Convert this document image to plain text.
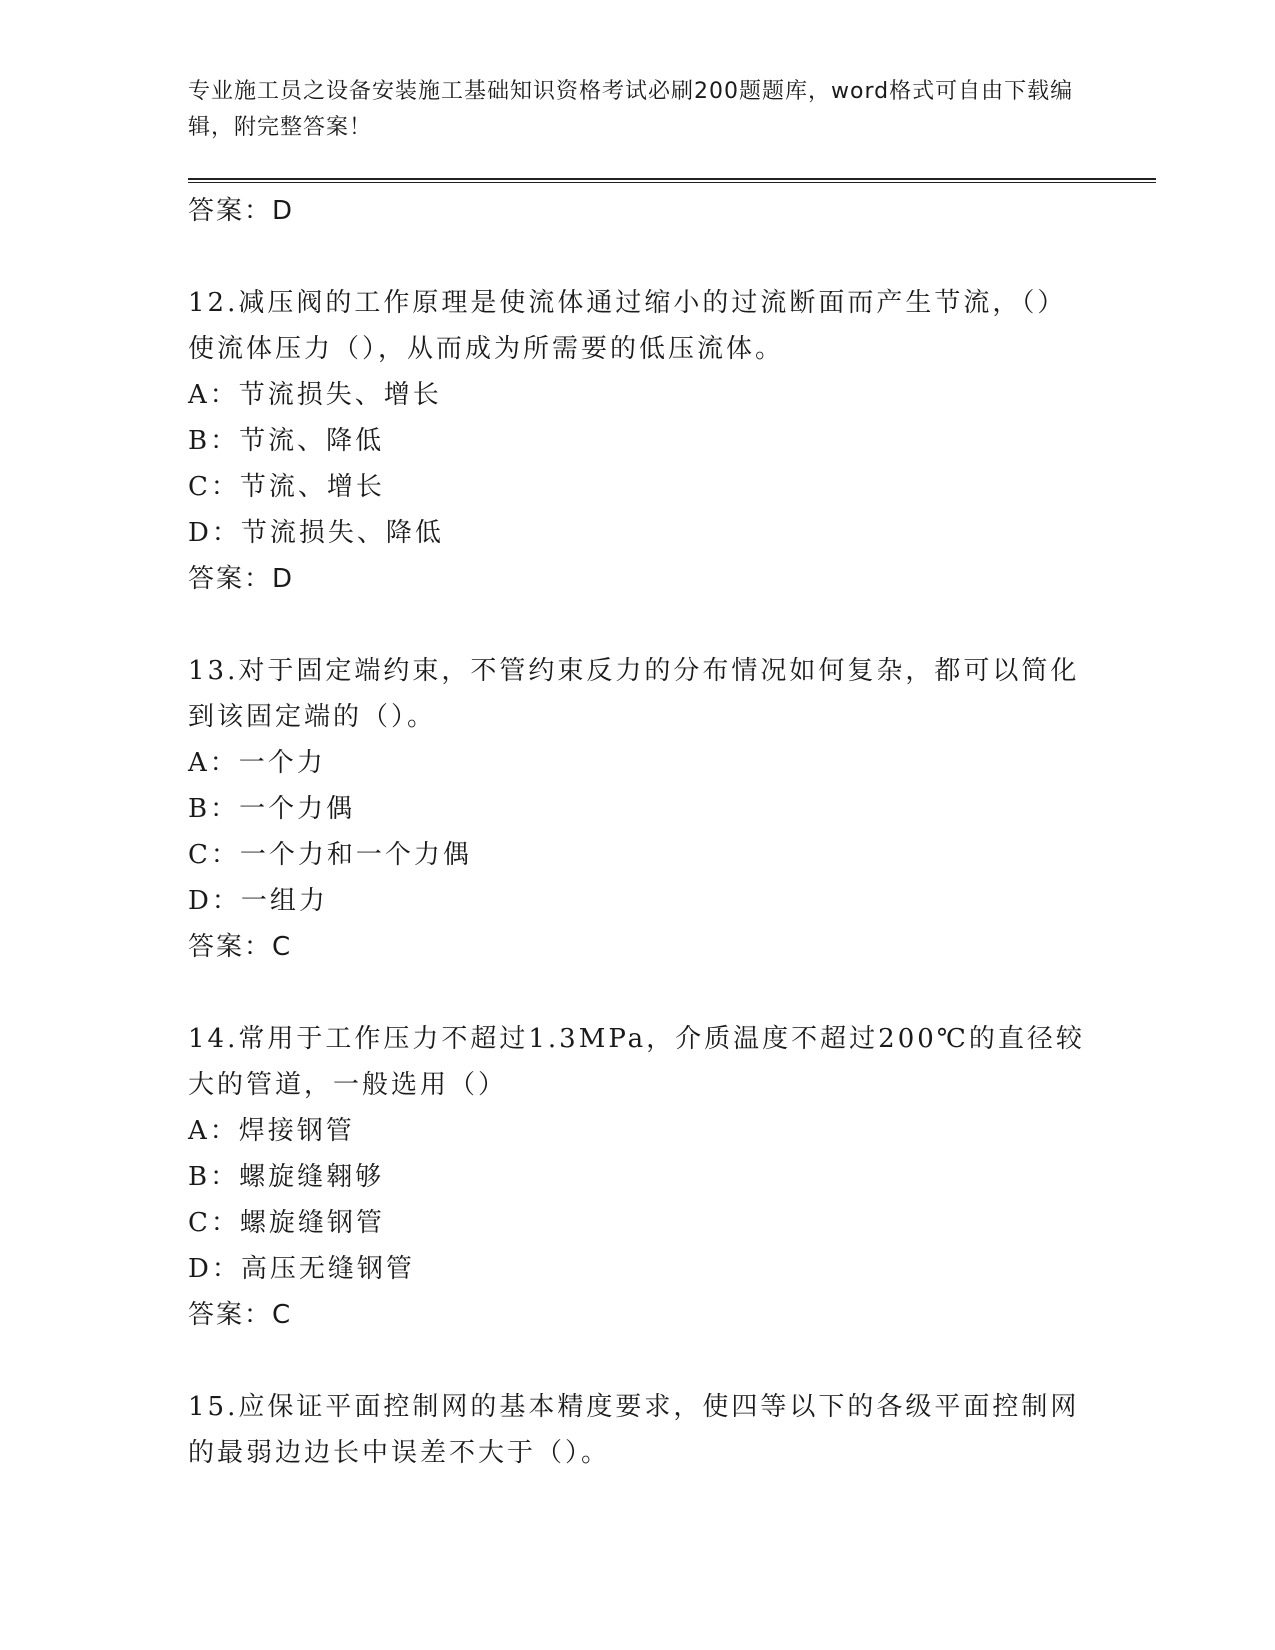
专业施工员之设备安装施工基础知识资格考试必刷200题题库，word格式可自由下载编辑，附完整答案！
答案：D
12.减压阀的工作原理是使流体通过缩小的过流断面而产生节流，（）使流体压力（），从而成为所需要的低压流体。
A：节流损失、增长
B：节流、降低
C：节流、增长
D：节流损失、降低
答案：D
13.对于固定端约束，不管约束反力的分布情况如何复杂，都可以简化到该固定端的（）。
A：一个力
B：一个力偶
C：一个力和一个力偶
D：一组力
答案：C
14.常用于工作压力不超过1.3MPa，介质温度不超过200℃的直径较大的管道，一般选用（）
A：焊接钢管
B：螺旋缝翱够
C：螺旋缝钢管
D：高压无缝钢管
答案：C
15.应保证平面控制网的基本精度要求，使四等以下的各级平面控制网的最弱边边长中误差不大于（）。
